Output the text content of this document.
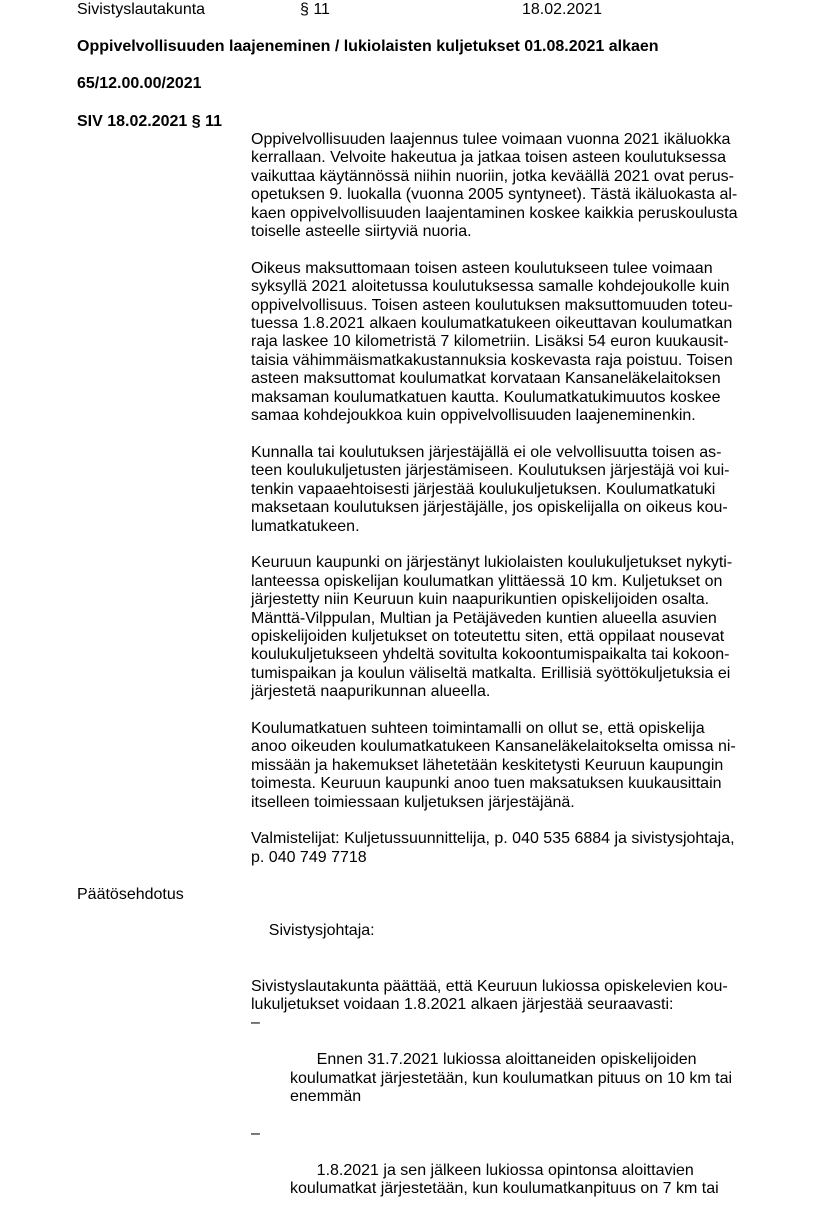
Sivistyslautakunta	§ 11	18.02.2021
Oppivelvollisuuden laajeneminen / lukiolaisten kuljetukset 01.08.2021 alkaen
65/12.00.00/2021
SIV 18.02.2021 § 11

Oppivelvollisuuden laajennus tulee voimaan vuonna 2021 ikäluokka
kerrallaan. Velvoite hakeutua ja jatkaa toisen asteen koulutuksessa
vaikuttaa käytännössä niihin nuoriin, jotka keväällä 2021 ovat perus-
opetuksen 9. luokalla (vuonna 2005 syntyneet). Tästä ikäluokasta al-
kaen oppivelvollisuuden laajentaminen koskee kaikkia peruskoulusta
toiselle asteelle siirtyviä nuoria.

Oikeus maksuttomaan toisen asteen koulutukseen tulee voimaan
syksyllä 2021 aloitetussa koulutuksessa samalle kohdejoukolle kuin
oppivelvollisuus. Toisen asteen koulutuksen maksuttomuuden toteu-
tuessa 1.8.2021 alkaen koulumatkatukeen oikeuttavan koulumatkan
raja laskee 10 kilometristä 7 kilometriin. Lisäksi 54 euron kuukausit-
taisia vähimmäismatkakustannuksia koskevasta raja poistuu. Toisen
asteen maksuttomat koulumatkat korvataan Kansaneläkelaitoksen
maksaman koulumatkatuen kautta. Koulumatkatukimuutos koskee
samaa kohdejoukkoa kuin oppivelvollisuuden laajeneminenkin.

Kunnalla tai koulutuksen järjestäjällä ei ole velvollisuutta toisen as-
teen koulukuljetusten järjestämiseen. Koulutuksen järjestäjä voi kui-
tenkin vapaaehtoisesti järjestää koulukuljetuksen. Koulumatkatuki
maksetaan koulutuksen järjestäjälle, jos opiskelijalla on oikeus kou-
lumatkatukeen.

Keuruun kaupunki on järjestänyt lukiolaisten koulukuljetukset nykyti-
lanteessa opiskelijan koulumatkan ylittäessä 10 km. Kuljetukset on
järjestetty niin Keuruun kuin naapurikuntien opiskelijoiden osalta.
Mänttä-Vilppulan, Multian ja Petäjäveden kuntien alueella asuvien
opiskelijoiden kuljetukset on toteutettu siten, että oppilaat nousevat
koulukuljetukseen yhdeltä sovitulta kokoontumispaikalta tai kokoon-
tumispaikan ja koulun väliseltä matkalta. Erillisiä syöttökuljetuksia ei
järjestetä naapurikunnan alueella.

Koulumatkatuen suhteen toimintamalli on ollut se, että opiskelija
anoo oikeuden koulumatkatukeen Kansaneläkelaitokselta omissa ni-
missään ja hakemukset lähetetään keskitetysti Keuruun kaupungin
toimesta. Keuruun kaupunki anoo tuen maksatuksen kuukausittain
itselleen toimiessaan kuljetuksen järjestäjänä.

Valmistelijat: Kuljetussuunnittelija, p. 040 535 6884 ja sivistysjohtaja,
p. 040 749 7718

Päätösehdotus

Sivistysjohtaja:

Sivistyslautakunta päättää, että Keuruun lukiossa opiskelevien kou-
lukuljetukset voidaan 1.8.2021 alkaen järjestää seuraavasti:

–

Ennen 31.7.2021 lukiossa aloittaneiden opiskelijoiden
koulumatkat järjestetään, kun koulumatkan pituus on 10 km tai
enemmän

–

1.8.2021 ja sen jälkeen lukiossa opintonsa aloittavien
koulumatkat järjestetään, kun koulumatkanpituus on 7 km tai
